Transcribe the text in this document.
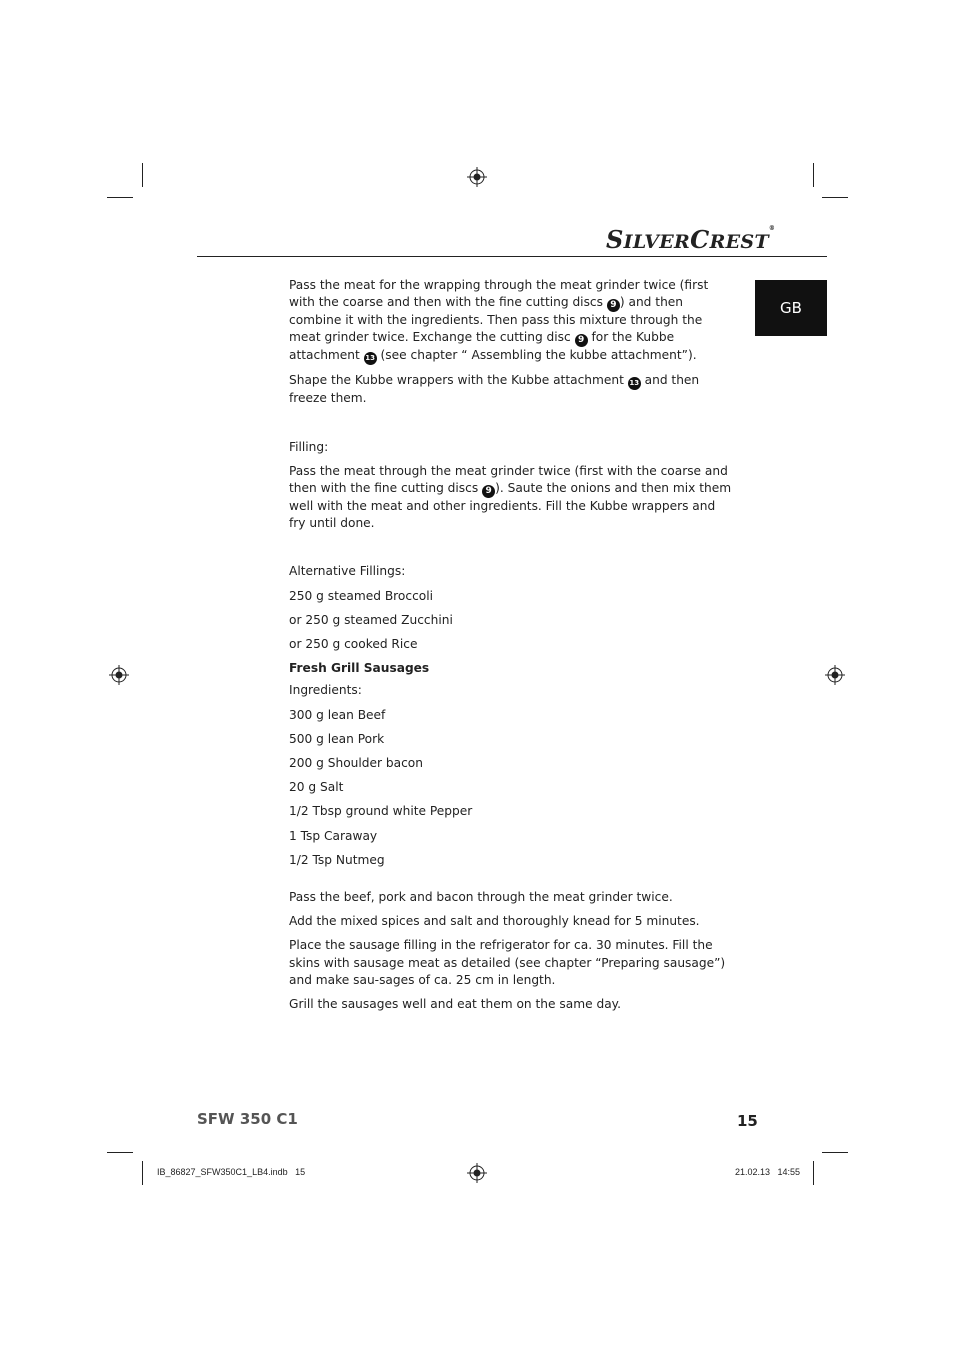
SILVERCREST®
GB

Pass the meat for the wrapping through the meat grinder twice (first with the coarse and then with the fine cutting discs 9 ) and then combine it with the ingredients. Then pass this mixture through the meat grinder twice. Exchange the cutting disc 9 for the Kubbe attachment 13 (see chapter “ Assembling the kubbe attachment”).

Shape the Kubbe wrappers with the Kubbe attachment 13 and then freeze them.

Filling:

Pass the meat through the meat grinder twice (first with the coarse and then with the fine cutting discs 9 ). Saute the onions and then mix them well with the meat and other ingredients. Fill the Kubbe wrappers and fry until done.

Alternative Fillings:

250 g steamed Broccoli

or 250 g steamed Zucchini

or 250 g cooked Rice

Fresh Grill Sausages

Ingredients:

300 g lean Beef

500 g lean Pork

200 g Shoulder bacon

20 g Salt

1/2 Tbsp ground white Pepper

1 Tsp Caraway

1/2 Tsp Nutmeg

Pass the beef, pork and bacon through the meat grinder twice.

Add the mixed spices and salt and thoroughly knead for 5 minutes.

Place the sausage filling in the refrigerator for ca. 30 minutes. Fill the skins with sausage meat as detailed (see chapter “Preparing sausage”) and make sau-sages of ca. 25 cm in length.

Grill the sausages well and eat them on the same day.

SFW 350 C1	15
IB_86827_SFW350C1_LB4.indb   15	21.02.13   14:55
